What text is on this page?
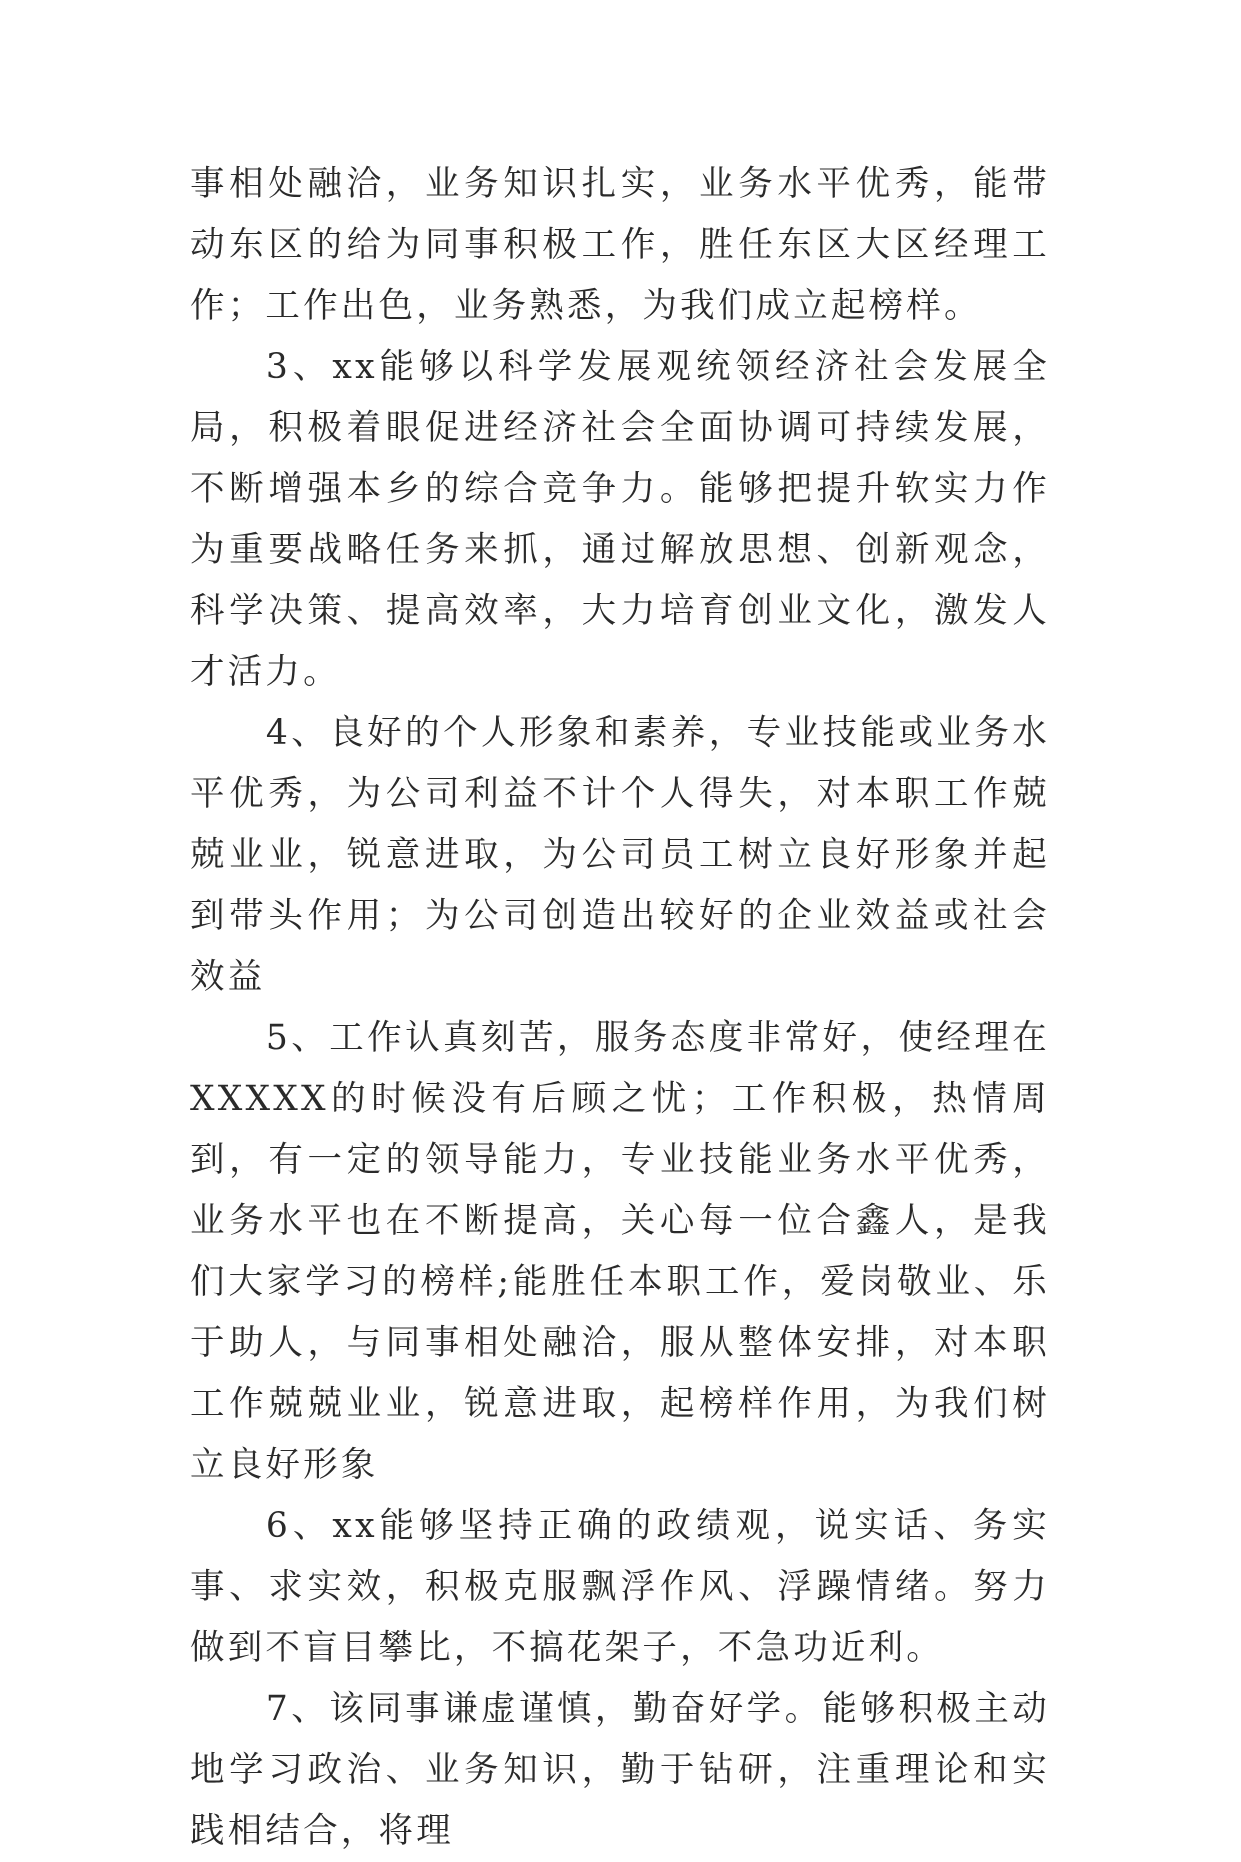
事相处融洽，业务知识扎实，业务水平优秀，能带动东区的给为同事积极工作，胜任东区大区经理工作；工作出色，业务熟悉，为我们成立起榜样。

3、xx能够以科学发展观统领经济社会发展全局，积极着眼促进经济社会全面协调可持续发展，不断增强本乡的综合竞争力。能够把提升软实力作为重要战略任务来抓，通过解放思想、创新观念，科学决策、提高效率，大力培育创业文化，激发人才活力。

4、良好的个人形象和素养，专业技能或业务水平优秀，为公司利益不计个人得失，对本职工作兢兢业业，锐意进取，为公司员工树立良好形象并起到带头作用；为公司创造出较好的企业效益或社会效益

5、工作认真刻苦，服务态度非常好，使经理在XXXXX的时候没有后顾之忧；工作积极，热情周到，有一定的领导能力，专业技能业务水平优秀，业务水平也在不断提高，关心每一位合鑫人，是我们大家学习的榜样;能胜任本职工作，爱岗敬业、乐于助人，与同事相处融洽，服从整体安排，对本职工作兢兢业业，锐意进取，起榜样作用，为我们树立良好形象

6、xx能够坚持正确的政绩观，说实话、务实事、求实效，积极克服飘浮作风、浮躁情绪。努力做到不盲目攀比，不搞花架子，不急功近利。

7、该同事谦虚谨慎，勤奋好学。能够积极主动地学习政治、业务知识，勤于钻研，注重理论和实践相结合，将理
